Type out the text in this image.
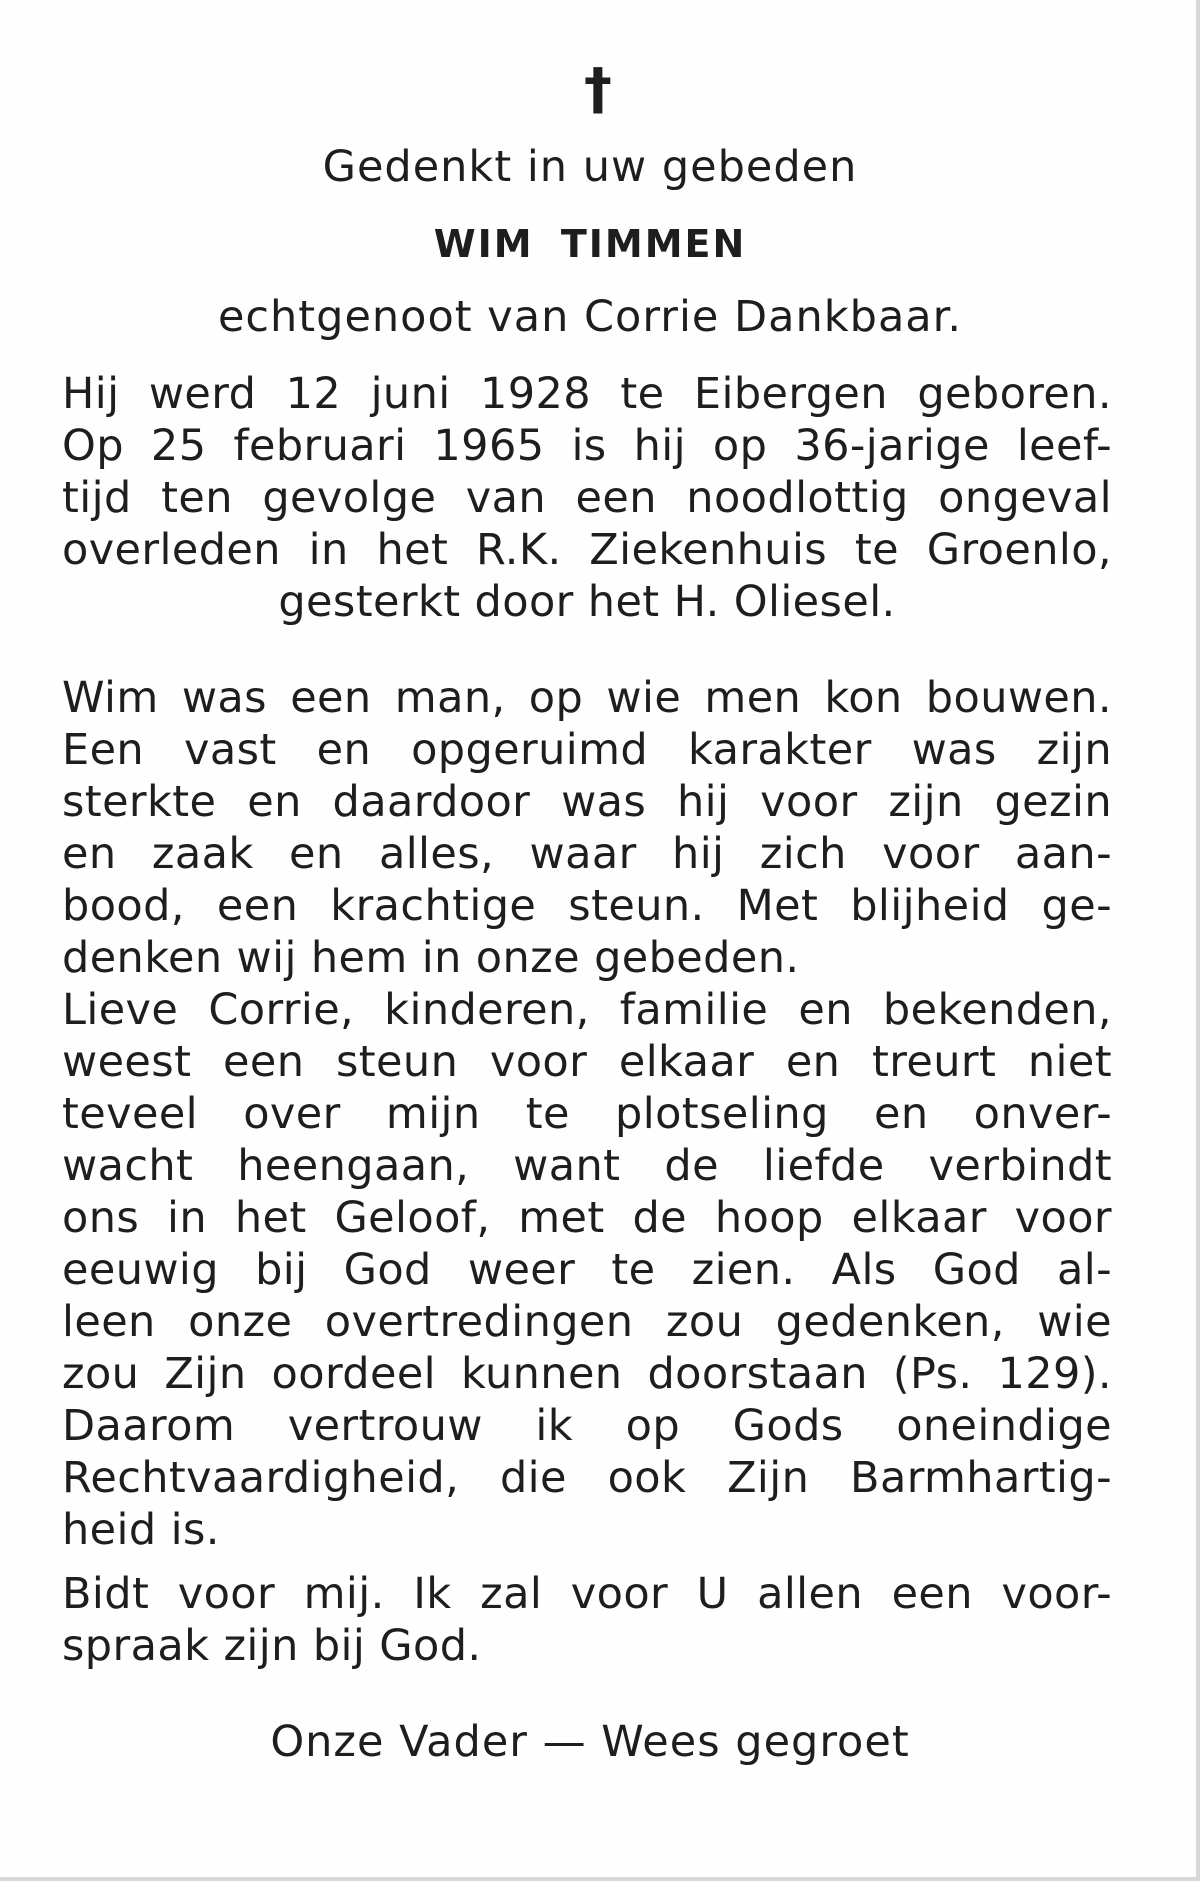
†
Gedenkt in uw gebeden
WIM TIMMEN
echtgenoot van Corrie Dankbaar.
Hij werd 12 juni 1928 te Eibergen geboren.
Op 25 februari 1965 is hij op 36-jarige leef-
tijd ten gevolge van een noodlottig ongeval
overleden in het R.K. Ziekenhuis te Groenlo,
gesterkt door het H. Oliesel.
Wim was een man, op wie men kon bouwen.
Een vast en opgeruimd karakter was zijn
sterkte en daardoor was hij voor zijn gezin
en zaak en alles, waar hij zich voor aan-
bood, een krachtige steun. Met blijheid ge-
denken wij hem in onze gebeden.
Lieve Corrie, kinderen, familie en bekenden,
weest een steun voor elkaar en treurt niet
teveel over mijn te plotseling en onver-
wacht heengaan, want de liefde verbindt
ons in het Geloof, met de hoop elkaar voor
eeuwig bij God weer te zien. Als God al-
leen onze overtredingen zou gedenken, wie
zou Zijn oordeel kunnen doorstaan (Ps. 129).
Daarom vertrouw ik op Gods oneindige
Rechtvaardigheid, die ook Zijn Barmhartig-
heid is.
Bidt voor mij. Ik zal voor U allen een voor-
spraak zijn bij God.
Onze Vader — Wees gegroet
